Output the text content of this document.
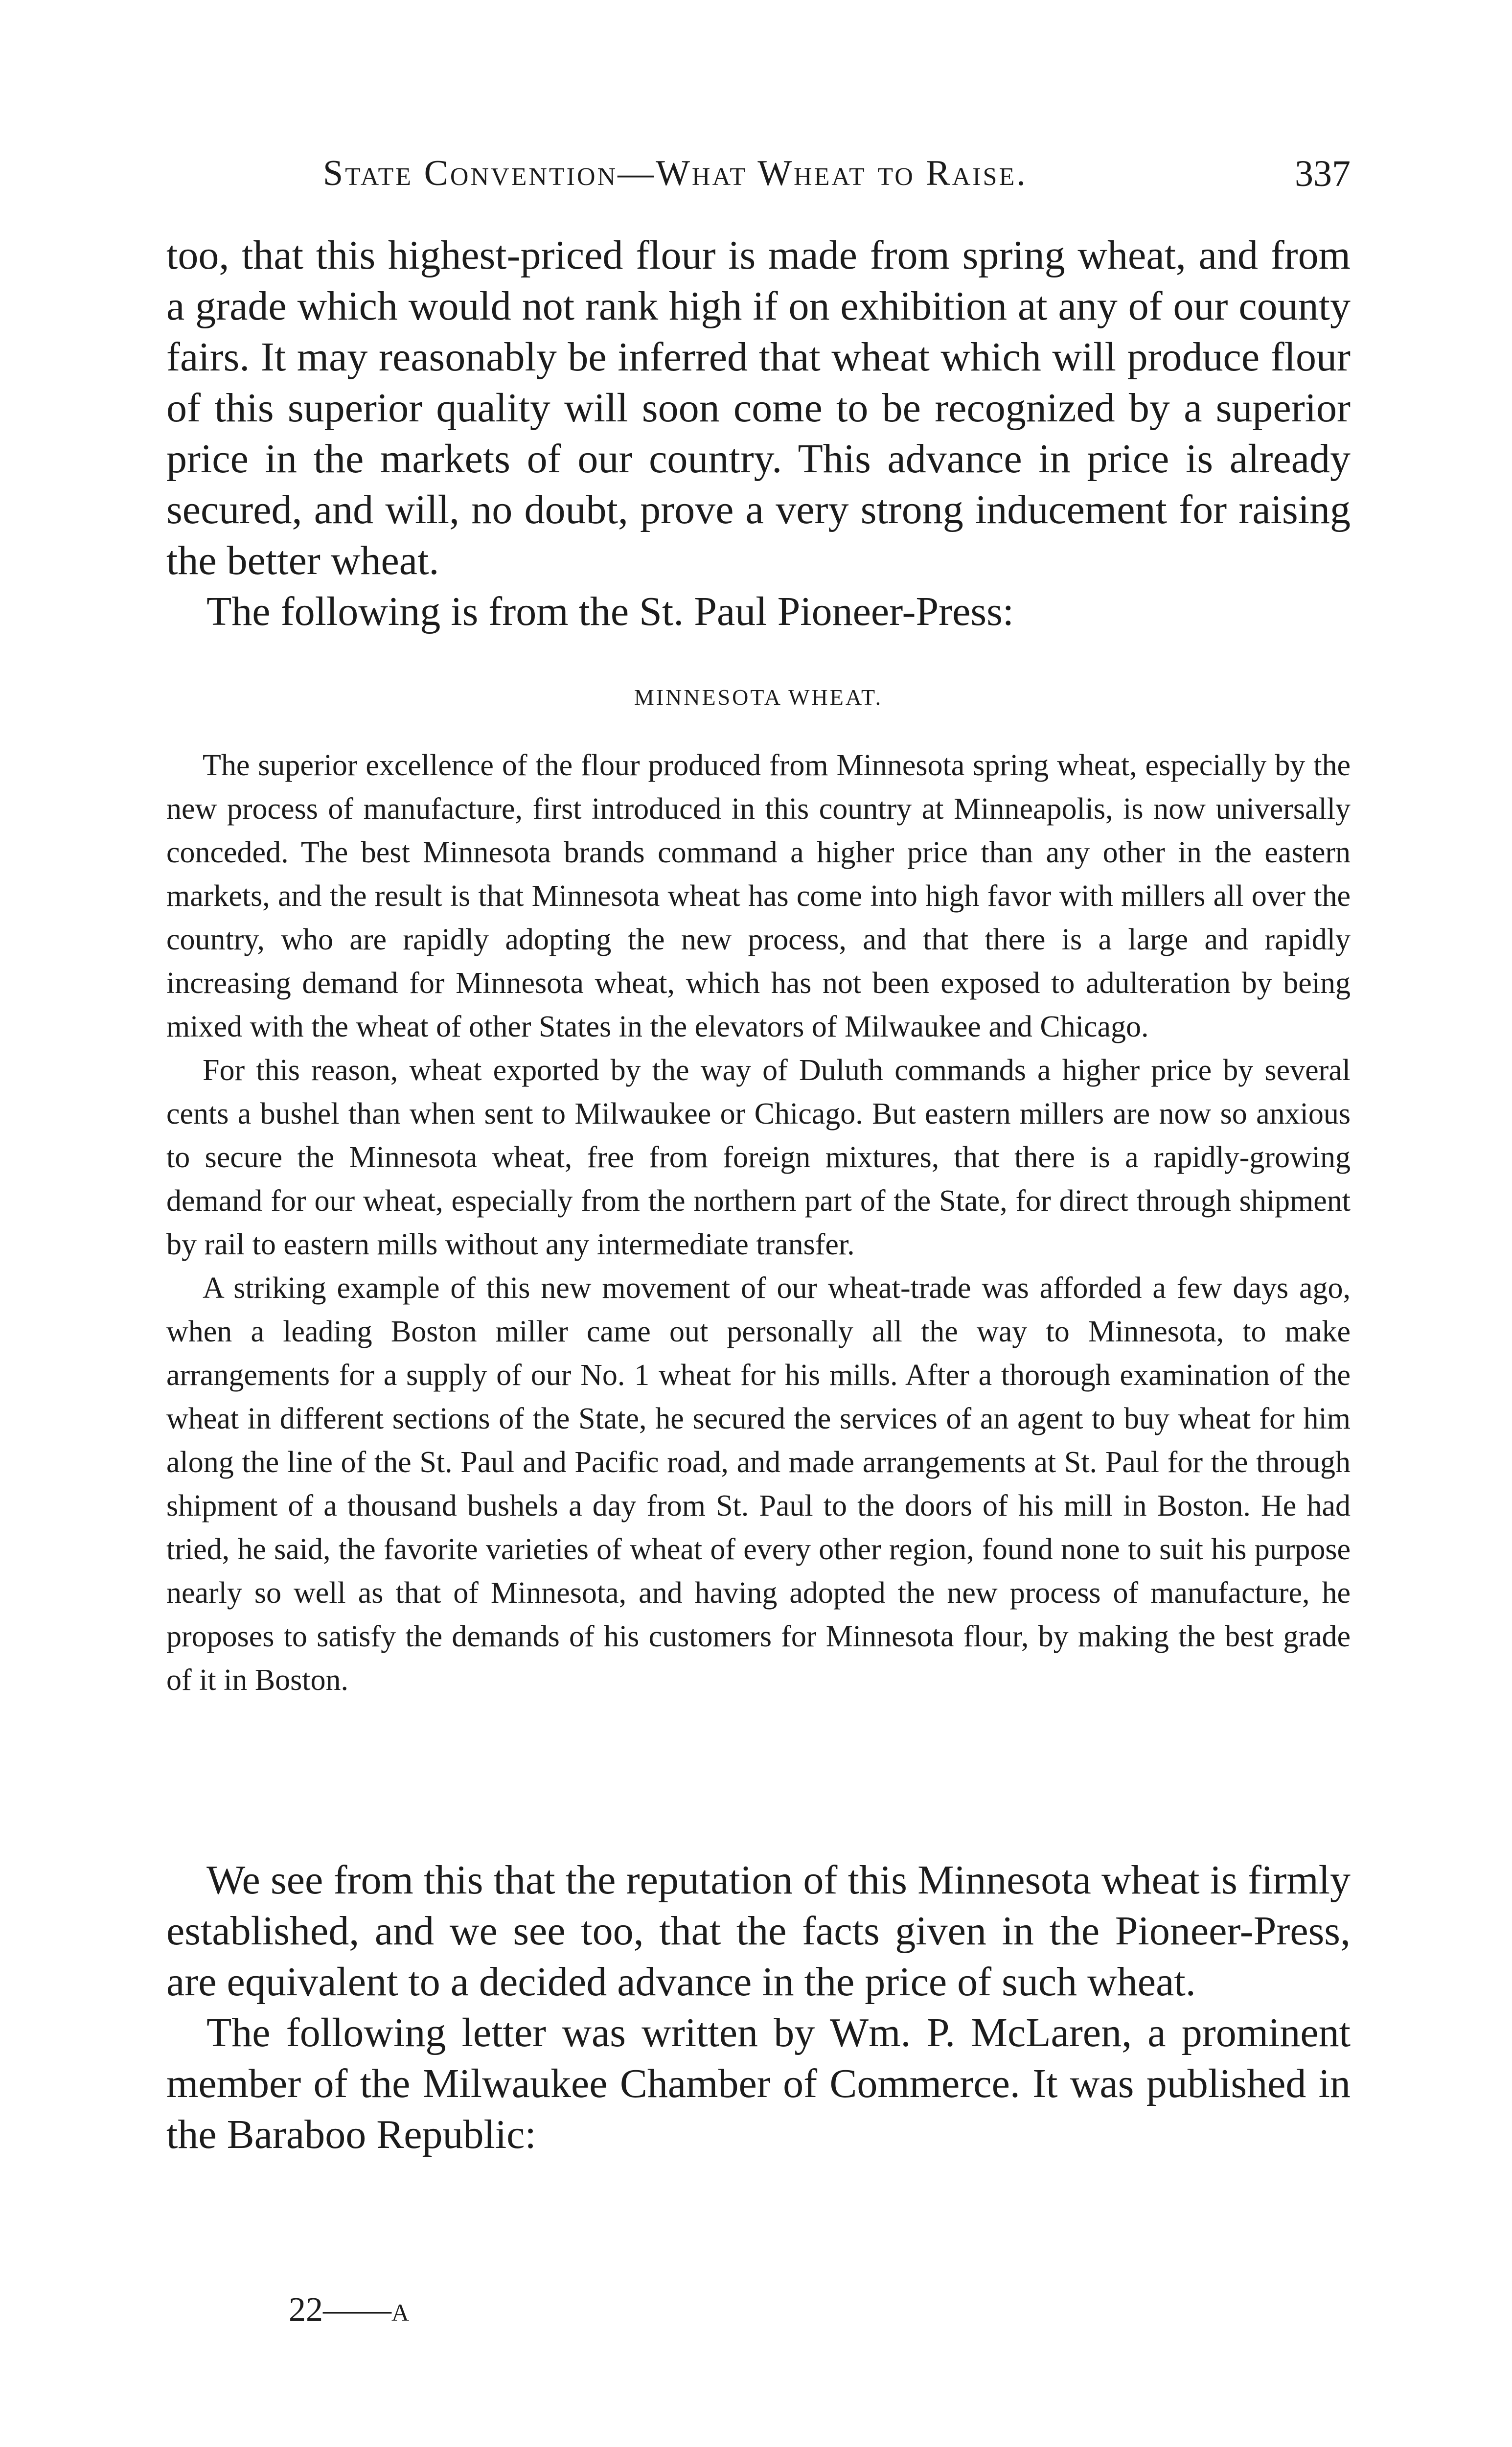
State Convention—What Wheat to Raise.	337

too, that this highest-priced flour is made from spring wheat, and from a grade which would not rank high if on exhibition at any of our county fairs. It may reasonably be inferred that wheat which will produce flour of this superior quality will soon come to be recognized by a superior price in the markets of our country. This advance in price is already secured, and will, no doubt, prove a very strong inducement for raising the better wheat.

The following is from the St. Paul Pioneer-Press:

MINNESOTA WHEAT.

The superior excellence of the flour produced from Minnesota spring wheat, especially by the new process of manufacture, first introduced in this country at Minneapolis, is now universally conceded. The best Minnesota brands command a higher price than any other in the eastern markets, and the result is that Minnesota wheat has come into high favor with millers all over the country, who are rapidly adopting the new process, and that there is a large and rapidly increasing demand for Minnesota wheat, which has not been exposed to adulteration by being mixed with the wheat of other States in the elevators of Milwaukee and Chicago.

For this reason, wheat exported by the way of Duluth commands a higher price by several cents a bushel than when sent to Milwaukee or Chicago. But eastern millers are now so anxious to secure the Minnesota wheat, free from foreign mixtures, that there is a rapidly-growing demand for our wheat, especially from the northern part of the State, for direct through shipment by rail to eastern mills without any intermediate transfer.

A striking example of this new movement of our wheat-trade was afforded a few days ago, when a leading Boston miller came out personally all the way to Minnesota, to make arrangements for a supply of our No. 1 wheat for his mills. After a thorough examination of the wheat in different sections of the State, he secured the services of an agent to buy wheat for him along the line of the St. Paul and Pacific road, and made arrangements at St. Paul for the through shipment of a thousand bushels a day from St. Paul to the doors of his mill in Boston. He had tried, he said, the favorite varieties of wheat of every other region, found none to suit his purpose nearly so well as that of Minnesota, and having adopted the new process of manufacture, he proposes to satisfy the demands of his customers for Minnesota flour, by making the best grade of it in Boston.

We see from this that the reputation of this Minnesota wheat is firmly established, and we see too, that the facts given in the Pioneer-Press, are equivalent to a decided advance in the price of such wheat.

The following letter was written by Wm. P. McLaren, a prominent member of the Milwaukee Chamber of Commerce. It was published in the Baraboo Republic:

22——A
